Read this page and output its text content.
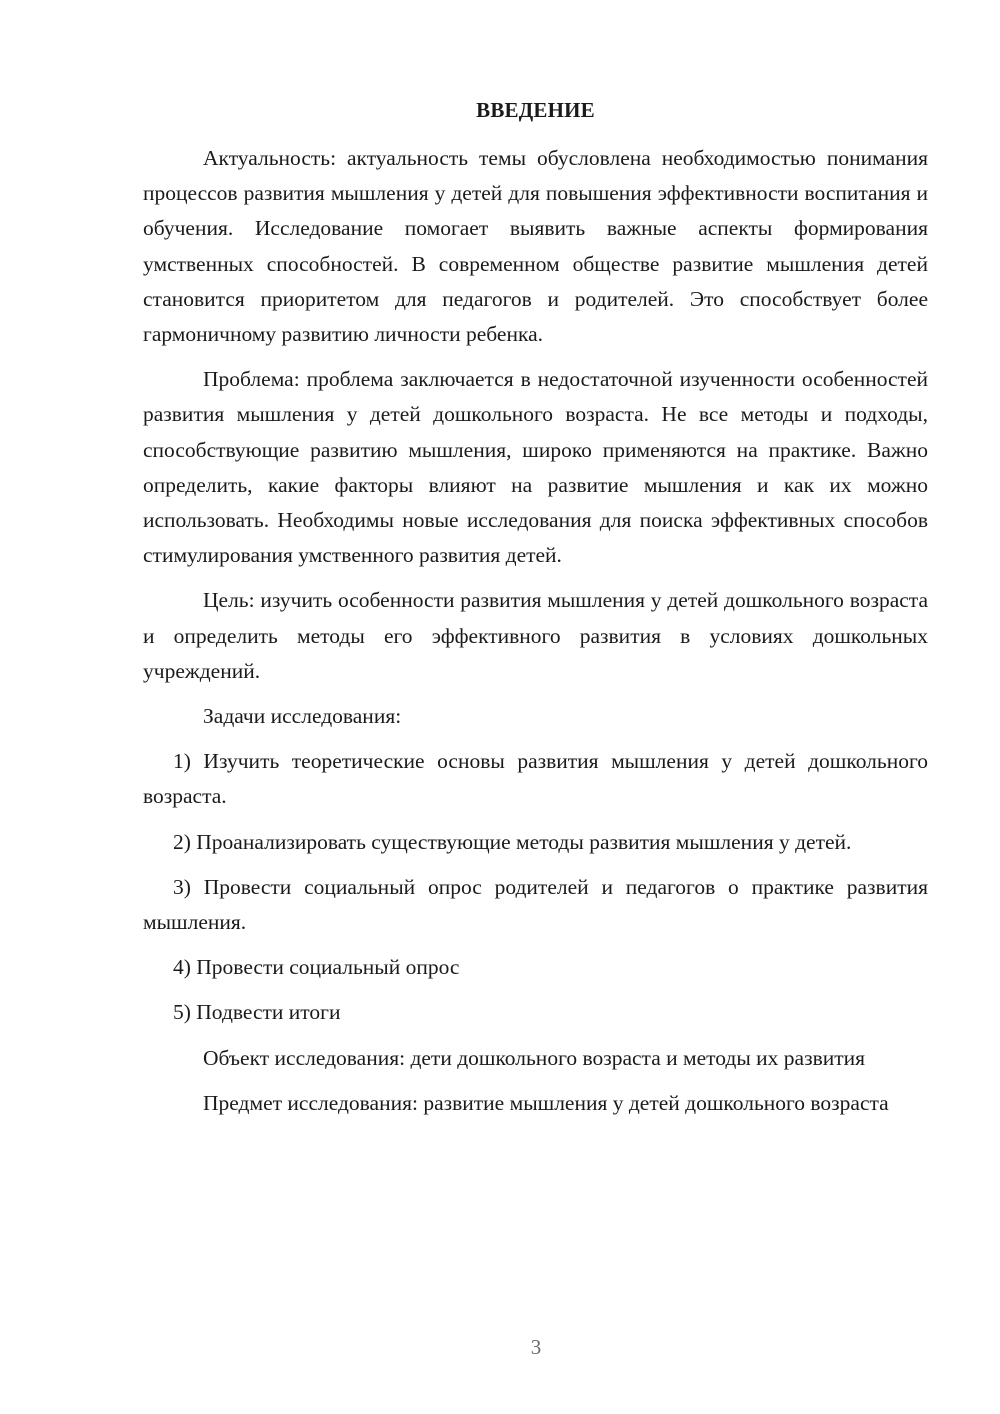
ВВЕДЕНИЕ

Актуальность: актуальность темы обусловлена необходимостью понимания процессов развития мышления у детей для повышения эффективности воспитания и обучения. Исследование помогает выявить важные аспекты формирования умственных способностей. В современном обществе развитие мышления детей становится приоритетом для педагогов и родителей. Это способствует более гармоничному развитию личности ребенка.

Проблема: проблема заключается в недостаточной изученности особенностей развития мышления у детей дошкольного возраста. Не все методы и подходы, способствующие развитию мышления, широко применяются на практике. Важно определить, какие факторы влияют на развитие мышления и как их можно использовать. Необходимы новые исследования для поиска эффективных способов стимулирования умственного развития детей.

Цель: изучить особенности развития мышления у детей дошкольного возраста и определить методы его эффективного развития в условиях дошкольных учреждений.

Задачи исследования:

1) Изучить теоретические основы развития мышления у детей дошкольного возраста.

2) Проанализировать существующие методы развития мышления у детей.

3) Провести социальный опрос родителей и педагогов о практике развития мышления.

4) Провести социальный опрос

5) Подвести итоги

Объект исследования: дети дошкольного возраста и методы их развития

Предмет исследования: развитие мышления у детей дошкольного возраста

3
